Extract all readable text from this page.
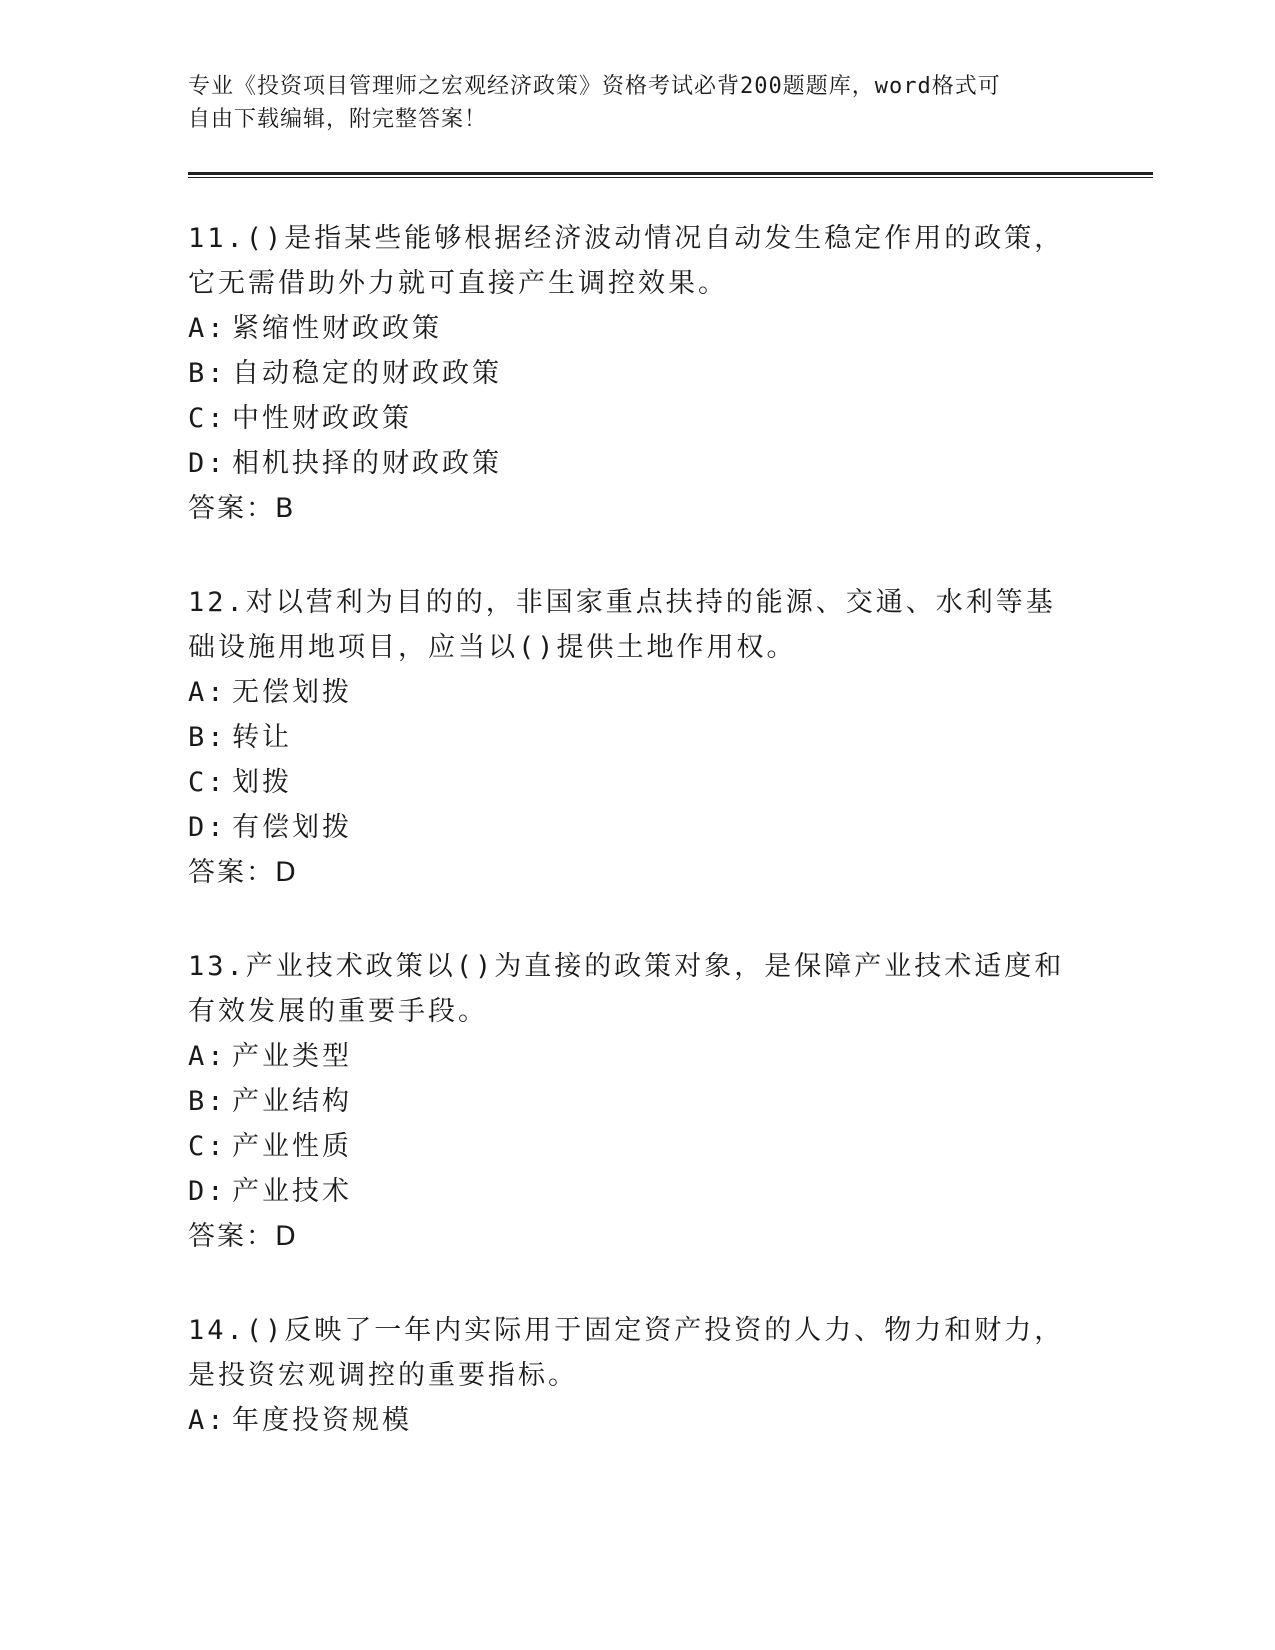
专业《投资项目管理师之宏观经济政策》资格考试必背200题题库，word格式可
自由下载编辑，附完整答案！

11.()是指某些能够根据经济波动情况自动发生稳定作用的政策，它无需借助外力就可直接产生调控效果。

A: 紧缩性财政政策

B: 自动稳定的财政政策

C: 中性财政政策

D: 相机抉择的财政政策

答案：B

12.对以营利为目的的，非国家重点扶持的能源、交通、水利等基础设施用地项目，应当以()提供土地作用权。

A: 无偿划拨

B: 转让

C: 划拨

D: 有偿划拨

答案：D

13.产业技术政策以()为直接的政策对象，是保障产业技术适度和有效发展的重要手段。

A: 产业类型

B: 产业结构

C: 产业性质

D: 产业技术

答案：D

14.()反映了一年内实际用于固定资产投资的人力、物力和财力，是投资宏观调控的重要指标。

A: 年度投资规模
